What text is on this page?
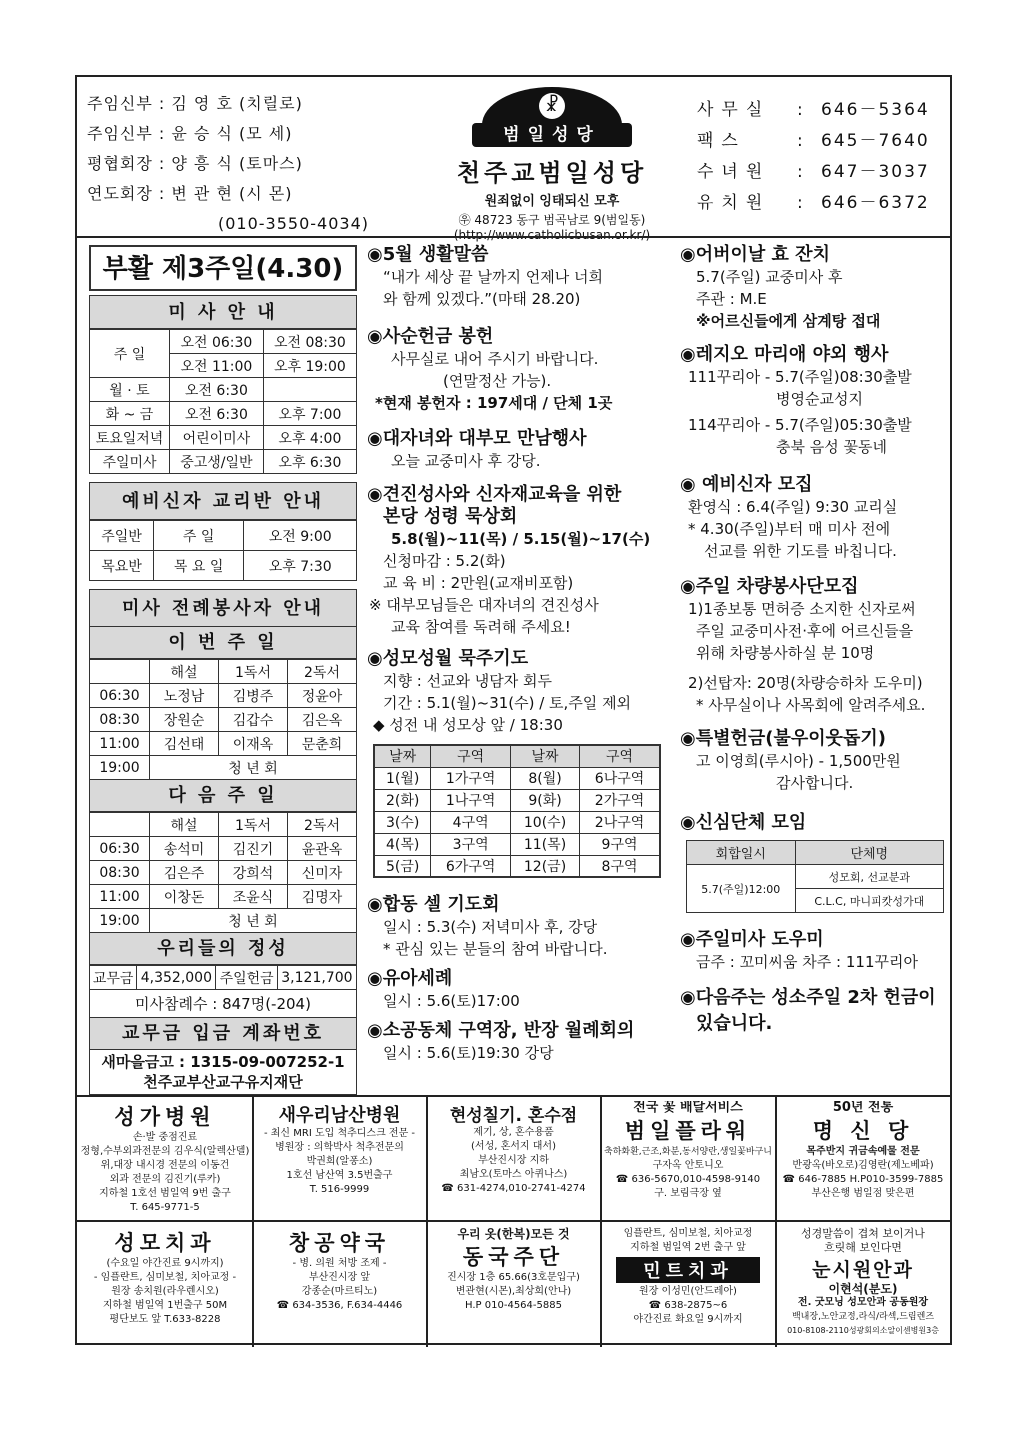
주임신부 : 김 영 호 (치릴로)
주임신부 : 윤 승 식 (모 세)
평협회장 : 양 흥 식 (토마스)
연도회장 : 변 관 현 (시 몬)
(010-3550-4034)
☧
범일성당
천주교범일성당
원죄없이 잉태되신 모후
㉾ 48723 동구 범곡남로 9(범일동)
(http://www.catholicbusan.or.kr/)
사무실	: 646－5364
팩스	: 645－7640
수녀원	: 647－3037
유치원	: 646－6372
부활 제3주일(4.30)
미 사 안 내
주 일	오전 06:30	오전 08:30
	오전 11:00	오후 19:00
월 · 토	오전 6:30	
화 ~ 금	오전 6:30	오후 7:00
토요일저녁	어린이미사	오후 4:00
주일미사	중고생/일반	오후 6:30
예비신자 교리반 안내
주일반	주 일	오전 9:00
목요반	목 요 일	오후 7:30
미사 전례봉사자 안내
이 번 주 일
	해설	1독서	2독서
06:30	노정남	김병주	정윤아
08:30	장원순	김갑수	김은옥
11:00	김선태	이재옥	문춘희
19:00	청 년 회		
다 음 주 일
	해설	1독서	2독서
06:30	송석미	김진기	윤관옥
08:30	김은주	강희석	신미자
11:00	이창돈	조윤식	김명자
19:00	청 년 회		
우리들의 정성
교무금	4,352,000	주일헌금	3,121,700
미사참례수 : 847명(-204)
교무금 입금 계좌번호
새마을금고 : 1315-09-007252-1
천주교부산교구유지재단
◉5월 생활말씀
“내가 세상 끝 날까지 언제나 너희
와 함께 있겠다.”(마태 28.20)
◉사순헌금 봉헌
사무실로 내어 주시기 바랍니다.
(연말정산 가능).
*현재 봉헌자 : 197세대 / 단체 1곳
◉대자녀와 대부모 만남행사
오늘 교중미사 후 강당.
◉견진성사와 신자재교육을 위한
본당 성령 묵상회
5.8(월)~11(목) / 5.15(월)~17(수)
신청마감 : 5.2(화)
교 육 비 : 2만원(교재비포함)
※ 대부모님들은 대자녀의 견진성사
교육 참여를 독려해 주세요!
◉성모성월 묵주기도
지향 : 선교와 냉담자 회두
기간 : 5.1(월)~31(수) / 토,주일 제외
◆ 성전 내 성모상 앞 / 18:30
날짜	구역	날짜	구역
1(월)	1가구역	8(월)	6나구역
2(화)	1나구역	9(화)	2가구역
3(수)	4구역	10(수)	2나구역
4(목)	3구역	11(목)	9구역
5(금)	6가구역	12(금)	8구역
◉합동 셀 기도회
일시 : 5.3(수) 저녁미사 후, 강당
* 관심 있는 분들의 참여 바랍니다.
◉유아세례
일시 : 5.6(토)17:00
◉소공동체 구역장, 반장 월례회의
일시 : 5.6(토)19:30 강당
◉어버이날 효 잔치
5.7(주일) 교중미사 후
주관 : M.E
※어르신들에게 삼계탕 접대
◉레지오 마리애 야외 행사
111꾸리아 - 5.7(주일)08:30출발
병영순교성지
114꾸리아 - 5.7(주일)05:30출발
충북 음성 꽃동네
◉ 예비신자 모집
환영식 : 6.4(주일) 9:30 교리실
* 4.30(주일)부터 매 미사 전에
선교를 위한 기도를 바칩니다.
◉주일 차량봉사단모집
1)1종보통 면허증 소지한 신자로써
주일 교중미사전·후에 어르신들을
위해 차량봉사하실 분 10명
2)선탑자: 20명(차량승하차 도우미)
* 사무실이나 사목회에 알려주세요.
◉특별헌금(불우이웃돕기)
고 이영희(루시아) - 1,500만원
감사합니다.
◉신심단체 모임
회합일시	단체명
5.7(주일)12:00	성모회, 선교분과
	C.L.C, 마니피캇성가대
◉주일미사 도우미
금주 : 꼬미씨움 차주 : 111꾸리아
◉다음주는 성소주일 2차 헌금이
있습니다.
성가병원
손·발 중점진료
정형,수부외과전문의 김우식(알렉산델)
위,대장 내시경 전문의 이동건
외과 전문의 김진기(루카)
지하철 1호선 범일역 9번 출구
T. 645-9771-5
새우리남산병원
- 최신 MRI 도입 척추디스크 전문 -
병원장 : 의학박사 척추전문의
박권희(알퐁소)
1호선 남산역 3.5번출구
T. 516-9999
현성칠기. 혼수점
제기, 상, 혼수용품
(서성, 혼서지 대서)
부산진시장 지하
최남오(토마스 아퀴나스)
☎ 631-4274,010-2741-4274
전국 꽃 배달서비스
범일플라워
축하화환,근조,화분,동서양란,생일꽃바구니
구자옥 안토니오
☎ 636-5670,010-4598-9140
구. 보림극장 옆
50년 전통
명 신 당
목주반지 귀금속예물 전문
반광옥(바오로)김영란(제노베파)
☎ 646-7885 H.P010-3599-7885
부산은행 범일점 맞은편
성모치과
(수요일 야간진료 9시까지)
- 임플란트, 심미보철, 치아교정 -
원장 송치원(라우렌시오)
지하철 범일역 1번출구 50M
평단보도 앞 T.633-8228
창공약국
- 병. 의원 처방 조제 -
부산진시장 앞
강종순(마르티노)
☎ 634-3536, F.634-4446
우리 옷(한복)모든 것
동국주단
진시장 1층 65.66(3호문입구)
변관현(시몬),최상희(안나)
H.P 010-4564-5885
임플란트, 심미보철, 치아교정
지하철 범일역 2번 출구 앞
민트치과
원장 이성민(안드레아)
☎ 638-2875~6
야간진료 화요일 9시까지
성경말씀이 겹쳐 보이거나
흐릿해 보인다면
눈시원안과
이현석(분도)
전. 굿모닝 성모안과 공동원장
백내장,노안교정,라식/라섹,드림렌즈
010-8108-2110성광회의소알이센병원3층
